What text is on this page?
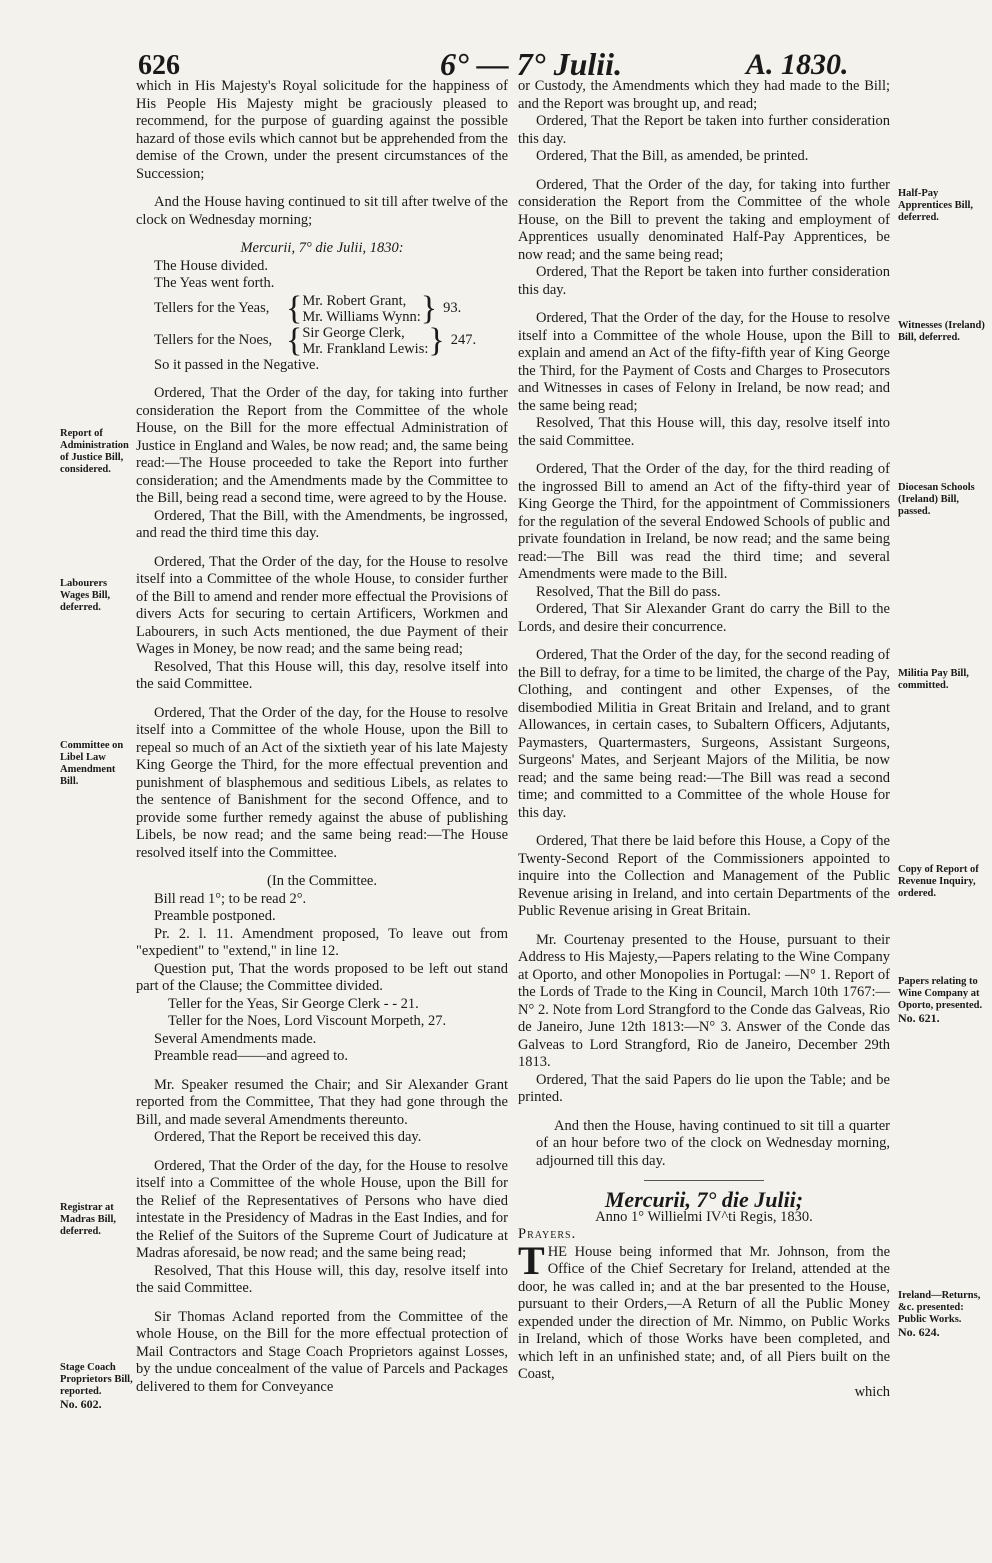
626	6° — 7° Julii.	A. 1830.

which in His Majesty's Royal solicitude for the happiness of His People His Majesty might be graciously pleased to recommend, for the purpose of guarding against the possible hazard of those evils which cannot but be apprehended from the demise of the Crown, under the present circumstances of the Succession;

And the House having continued to sit till after twelve of the clock on Wednesday morning;

Mercurii, 7° die Julii, 1830:

The House divided.

The Yeas went forth.

Tellers for the Yeas, { Mr. Robert Grant,
Mr. Williams Wynn: } 93.
Tellers for the Noes, { Sir George Clerk,
Mr. Frankland Lewis: } 247.

So it passed in the Negative.

Ordered, That the Order of the day, for taking into further consideration the Report from the Committee of the whole House, on the Bill for the more effectual Administration of Justice in England and Wales, be now read; and, the same being read:—The House proceeded to take the Report into further consideration; and the Amendments made by the Committee to the Bill, being read a second time, were agreed to by the House.

Ordered, That the Bill, with the Amendments, be ingrossed, and read the third time this day.

Ordered, That the Order of the day, for the House to resolve itself into a Committee of the whole House, to consider further of the Bill to amend and render more effectual the Provisions of divers Acts for securing to certain Artificers, Workmen and Labourers, in such Acts mentioned, the due Payment of their Wages in Money, be now read; and the same being read;

Resolved, That this House will, this day, resolve itself into the said Committee.

Ordered, That the Order of the day, for the House to resolve itself into a Committee of the whole House, upon the Bill to repeal so much of an Act of the sixtieth year of his late Majesty King George the Third, for the more effectual prevention and punishment of blasphemous and seditious Libels, as relates to the sentence of Banishment for the second Offence, and to provide some further remedy against the abuse of publishing Libels, be now read; and the same being read:—The House resolved itself into the Committee.

(In the Committee.

Bill read 1°; to be read 2°.

Preamble postponed.

Pr. 2. l. 11. Amendment proposed, To leave out from "expedient" to "extend," in line 12.

Question put, That the words proposed to be left out stand part of the Clause; the Committee divided.

Teller for the Yeas, Sir George Clerk - - 21.

Teller for the Noes, Lord Viscount Morpeth, 27.

Several Amendments made.

Preamble read——and agreed to.

Mr. Speaker resumed the Chair; and Sir Alexander Grant reported from the Committee, That they had gone through the Bill, and made several Amendments thereunto.

Ordered, That the Report be received this day.

Ordered, That the Order of the day, for the House to resolve itself into a Committee of the whole House, upon the Bill for the Relief of the Representatives of Persons who have died intestate in the Presidency of Madras in the East Indies, and for the Relief of the Suitors of the Supreme Court of Judicature at Madras aforesaid, be now read; and the same being read;

Resolved, That this House will, this day, resolve itself into the said Committee.

Sir Thomas Acland reported from the Committee of the whole House, on the Bill for the more effectual protection of Mail Contractors and Stage Coach Proprietors against Losses, by the undue concealment of the value of Parcels and Packages delivered to them for Conveyance

or Custody, the Amendments which they had made to the Bill; and the Report was brought up, and read;

Ordered, That the Report be taken into further consideration this day.

Ordered, That the Bill, as amended, be printed.

Ordered, That the Order of the day, for taking into further consideration the Report from the Committee of the whole House, on the Bill to prevent the taking and employment of Apprentices usually denominated Half-Pay Apprentices, be now read; and the same being read;

Ordered, That the Report be taken into further consideration this day.

Ordered, That the Order of the day, for the House to resolve itself into a Committee of the whole House, upon the Bill to explain and amend an Act of the fifty-fifth year of King George the Third, for the Payment of Costs and Charges to Prosecutors and Witnesses in cases of Felony in Ireland, be now read; and the same being read;

Resolved, That this House will, this day, resolve itself into the said Committee.

Ordered, That the Order of the day, for the third reading of the ingrossed Bill to amend an Act of the fifty-third year of King George the Third, for the appointment of Commissioners for the regulation of the several Endowed Schools of public and private foundation in Ireland, be now read; and the same being read:—The Bill was read the third time; and several Amendments were made to the Bill.

Resolved, That the Bill do pass.

Ordered, That Sir Alexander Grant do carry the Bill to the Lords, and desire their concurrence.

Ordered, That the Order of the day, for the second reading of the Bill to defray, for a time to be limited, the charge of the Pay, Clothing, and contingent and other Expenses, of the disembodied Militia in Great Britain and Ireland, and to grant Allowances, in certain cases, to Subaltern Officers, Adjutants, Paymasters, Quartermasters, Surgeons, Assistant Surgeons, Surgeons' Mates, and Serjeant Majors of the Militia, be now read; and the same being read:—The Bill was read a second time; and committed to a Committee of the whole House for this day.

Ordered, That there be laid before this House, a Copy of the Twenty-Second Report of the Commissioners appointed to inquire into the Collection and Management of the Public Revenue arising in Ireland, and into certain Departments of the Public Revenue arising in Great Britain.

Mr. Courtenay presented to the House, pursuant to their Address to His Majesty,—Papers relating to the Wine Company at Oporto, and other Monopolies in Portugal: —N° 1. Report of the Lords of Trade to the King in Council, March 10th 1767:—N° 2. Note from Lord Strangford to the Conde das Galveas, Rio de Janeiro, June 12th 1813:—N° 3. Answer of the Conde das Galveas to Lord Strangford, Rio de Janeiro, December 29th 1813.

Ordered, That the said Papers do lie upon the Table; and be printed.

And then the House, having continued to sit till a quarter of an hour before two of the clock on Wednesday morning, adjourned till this day.

Mercurii, 7° die Julii;

Anno 1° Willielmi IV^ti Regis, 1830.

Prayers.

THE House being informed that Mr. Johnson, from the Office of the Chief Secretary for Ireland, attended at the door, he was called in; and at the bar presented to the House, pursuant to their Orders,—A Return of all the Public Money expended under the direction of Mr. Nimmo, on Public Works in Ireland, which of those Works have been completed, and which left in an unfinished state; and, of all Piers built on the Coast,

which

Report of Administration of Justice Bill, considered.
Labourers Wages Bill, deferred.
Committee on Libel Law Amendment Bill.
Registrar at Madras Bill, deferred.
Stage Coach Proprietors Bill, reported.
No. 602.
Half-Pay Apprentices Bill, deferred.
Witnesses (Ireland) Bill, deferred.
Diocesan Schools (Ireland) Bill, passed.
Militia Pay Bill, committed.
Copy of Report of Revenue Inquiry, ordered.
Papers relating to Wine Company at Oporto, presented.
No. 621.
Ireland—Returns, &c. presented: Public Works.
No. 624.
